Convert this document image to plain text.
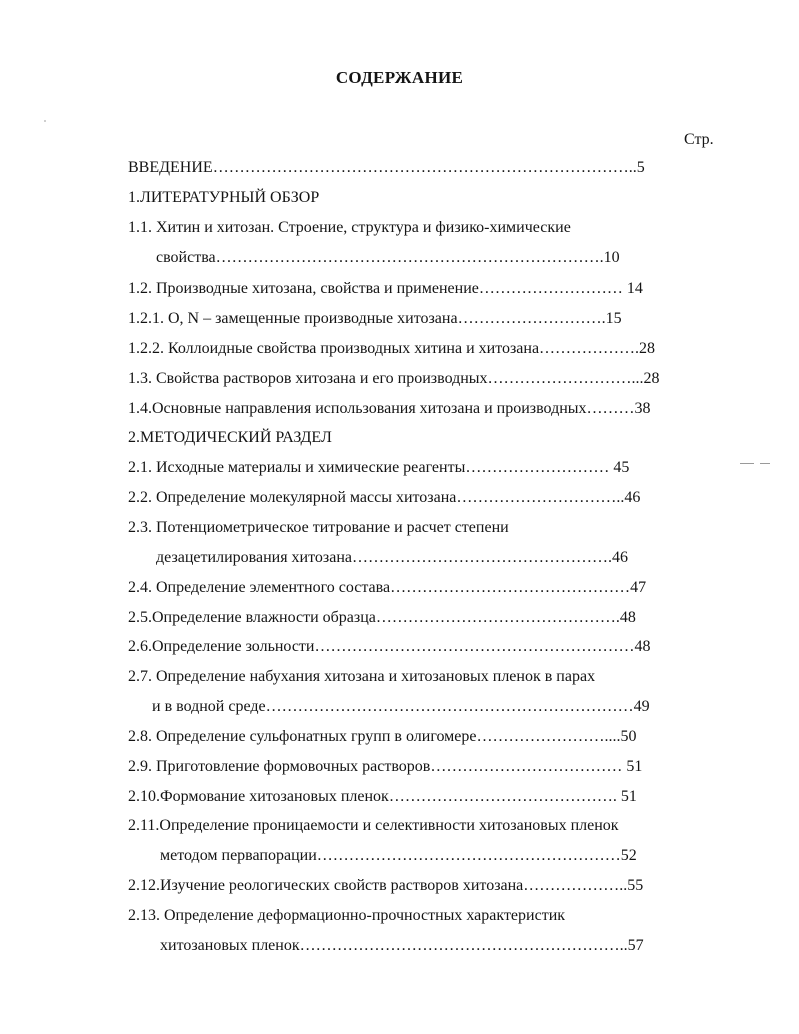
СОДЕРЖАНИЕ
Стр.
ВВЕДЕНИЕ……………………………………………………………………..5
1.ЛИТЕРАТУРНЫЙ ОБЗОР
1.1. Хитин и хитозан. Строение, структура и физико-химические
свойства……………………………………………………………….10
1.2. Производные хитозана, свойства и применение……………………… 14
1.2.1. O, N – замещенные производные хитозана……………………….15
1.2.2. Коллоидные свойства производных хитина и хитозана……………….28
1.3. Свойства растворов хитозана и его производных………………………...28
1.4.Основные направления использования хитозана и производных………38
2.МЕТОДИЧЕСКИЙ РАЗДЕЛ
2.1. Исходные материалы и химические реагенты……………………… 45
2.2. Определение молекулярной массы хитозана…………………………..46
2.3. Потенциометрическое титрование и расчет степени
дезацетилирования хитозана………………………………………….46
2.4. Определение элементного состава………………………………………47
2.5.Определение влажности образца……………………………………….48
2.6.Определение зольности……………………………………………………48
2.7. Определение набухания хитозана и хитозановых пленок в парах
и в водной среде……………………………………………………………49
2.8. Определение сульфонатных групп в олигомере……………………....50
2.9. Приготовление формовочных растворов……………………………… 51
2.10.Формование хитозановых пленок……………………………………. 51
2.11.Определение проницаемости и селективности хитозановых пленок
методом первапорации…………………………………………………52
2.12.Изучение реологических свойств растворов хитозана………………..55
2.13. Определение деформационно-прочностных характеристик
хитозановых пленок……………………………………………………..57
